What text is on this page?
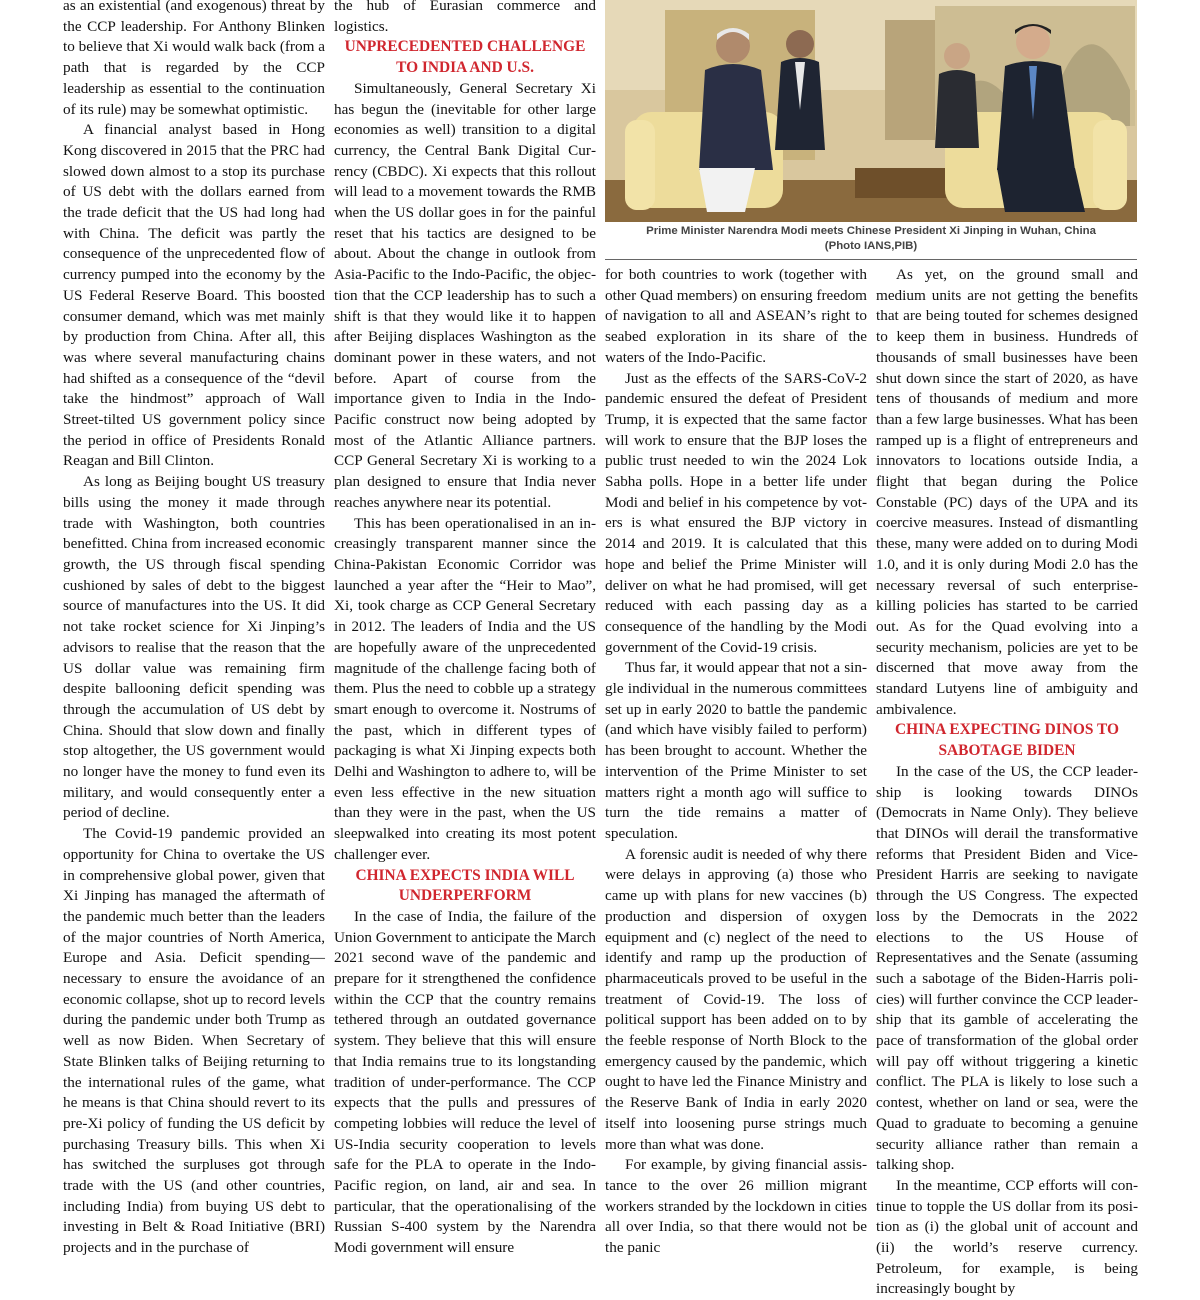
as an existential (and exogenous) threat by the CCP leadership. For Anthony Blinken to believe that Xi would walk back (from a path that is regarded by the CCP leadership as essential to the continuation of its rule) may be somewhat optimistic.

A financial analyst based in Hong Kong discovered in 2015 that the PRC had slowed down almost to a stop its purchase of US debt with the dollars earned from the trade deficit that the US had long had with China. The deficit was partly the consequence of the unprecedented flow of currency pumped into the economy by the US Federal Reserve Board. This boosted consumer demand, which was met mainly by production from China. After all, this was where several manufacturing chains had shifted as a consequence of the “devil take the hindmost” approach of Wall Street-tilted US government policy since the period in office of Presidents Ronald Reagan and Bill Clinton.

As long as Beijing bought US treasury bills using the money it made through trade with Washington, both countries benefitted. China from increased economic growth, the US through fiscal spending cushioned by sales of debt to the biggest source of manufactures into the US. It did not take rocket science for Xi Jinping’s advisors to realise that the reason that the US dollar value was remaining firm despite ballooning deficit spending was through the accumulation of US debt by China. Should that slow down and finally stop altogether, the US government would no longer have the money to fund even its military, and would consequently enter a period of decline.

The Covid-19 pandemic provided an opportunity for China to overtake the US in comprehensive global power, given that Xi Jinping has managed the aftermath of the pandemic much better than the leaders of the major countries of North America, Europe and Asia. Deficit spending—necessary to ensure the avoidance of an economic collapse, shot up to record levels during the pandemic under both Trump as well as now Biden. When Secretary of State Blinken talks of Beijing returning to the international rules of the game, what he means is that China should revert to its pre-Xi policy of funding the US deficit by purchasing Treasury bills. This when Xi has switched the surpluses got through trade with the US (and other countries, including India) from buying US debt to investing in Belt & Road Initiative (BRI) projects and in the purchase of

the hub of Eurasian commerce and logistics.

UNPRECEDENTED CHALLENGE TO INDIA AND U.S.

Simultaneously, General Secretary Xi has begun the (inevitable for other large economies as well) transition to a digital currency, the Central Bank Digital Currency (CBDC). Xi expects that this rollout will lead to a movement towards the RMB when the US dollar goes in for the painful reset that his tactics are designed to be about. About the change in outlook from Asia-Pacific to the Indo-Pacific, the objection that the CCP leadership has to such a shift is that they would like it to happen after Beijing displaces Washington as the dominant power in these waters, and not before. Apart of course from the importance given to India in the Indo-Pacific construct now being adopted by most of the Atlantic Alliance partners. CCP General Secretary Xi is working to a plan designed to ensure that India never reaches anywhere near its potential.

This has been operationalised in an increasingly transparent manner since the China-Pakistan Economic Corridor was launched a year after the “Heir to Mao”, Xi, took charge as CCP General Secretary in 2012. The leaders of India and the US are hopefully aware of the unprecedented magnitude of the challenge facing both of them. Plus the need to cobble up a strategy smart enough to overcome it. Nostrums of the past, which in different types of packaging is what Xi Jinping expects both Delhi and Washington to adhere to, will be even less effective in the new situation than they were in the past, when the US sleepwalked into creating its most potent challenger ever.

CHINA EXPECTS INDIA WILL UNDERPERFORM

In the case of India, the failure of the Union Government to anticipate the March 2021 second wave of the pandemic and prepare for it strengthened the confidence within the CCP that the country remains tethered through an outdated governance system. They believe that this will ensure that India remains true to its longstanding tradition of under-performance. The CCP expects that the pulls and pressures of competing lobbies will reduce the level of US-India security cooperation to levels safe for the PLA to operate in the Indo-Pacific region, on land, air and sea. In particular, that the operationalising of the Russian S-400 system by the Narendra Modi government will ensure

Prime Minister Narendra Modi meets Chinese President Xi Jinping in Wuhan, China
(Photo IANS,PIB)

for both countries to work (together with other Quad members) on ensuring freedom of navigation to all and ASEAN’s right to seabed exploration in its share of the waters of the Indo-Pacific.

Just as the effects of the SARS-CoV-2 pandemic ensured the defeat of President Trump, it is expected that the same factor will work to ensure that the BJP loses the public trust needed to win the 2024 Lok Sabha polls. Hope in a better life under Modi and belief in his competence by voters is what ensured the BJP victory in 2014 and 2019. It is calculated that this hope and belief the Prime Minister will deliver on what he had promised, will get reduced with each passing day as a consequence of the handling by the Modi government of the Covid-19 crisis.

Thus far, it would appear that not a single individual in the numerous committees set up in early 2020 to battle the pandemic (and which have visibly failed to perform) has been brought to account. Whether the intervention of the Prime Minister to set matters right a month ago will suffice to turn the tide remains a matter of speculation.

A forensic audit is needed of why there were delays in approving (a) those who came up with plans for new vaccines (b) production and dispersion of oxygen equipment and (c) neglect of the need to identify and ramp up the production of pharmaceuticals proved to be useful in the treatment of Covid-19. The loss of political support has been added on to by the feeble response of North Block to the emergency caused by the pandemic, which ought to have led the Finance Ministry and the Reserve Bank of India in early 2020 itself into loosening purse strings much more than what was done.

For example, by giving financial assistance to the over 26 million migrant workers stranded by the lockdown in cities all over India, so that there would not be the panic

As yet, on the ground small and medium units are not getting the benefits that are being touted for schemes designed to keep them in business. Hundreds of thousands of small businesses have been shut down since the start of 2020, as have tens of thousands of medium and more than a few large businesses. What has been ramped up is a flight of entrepreneurs and innovators to locations outside India, a flight that began during the Police Constable (PC) days of the UPA and its coercive measures. Instead of dismantling these, many were added on to during Modi 1.0, and it is only during Modi 2.0 has the necessary reversal of such enterprise-killing policies has started to be carried out. As for the Quad evolving into a security mechanism, policies are yet to be discerned that move away from the standard Lutyens line of ambiguity and ambivalence.

CHINA EXPECTING DINOS TO SABOTAGE BIDEN

In the case of the US, the CCP leadership is looking towards DINOs (Democrats in Name Only). They believe that DINOs will derail the transformative reforms that President Biden and Vice-President Harris are seeking to navigate through the US Congress. The expected loss by the Democrats in the 2022 elections to the US House of Representatives and the Senate (assuming such a sabotage of the Biden-Harris policies) will further convince the CCP leadership that its gamble of accelerating the pace of transformation of the global order will pay off without triggering a kinetic conflict. The PLA is likely to lose such a contest, whether on land or sea, were the Quad to graduate to becoming a genuine security alliance rather than remain a talking shop.

In the meantime, CCP efforts will continue to topple the US dollar from its position as (i) the global unit of account and (ii) the world’s reserve currency. Petroleum, for example, is being increasingly bought by
